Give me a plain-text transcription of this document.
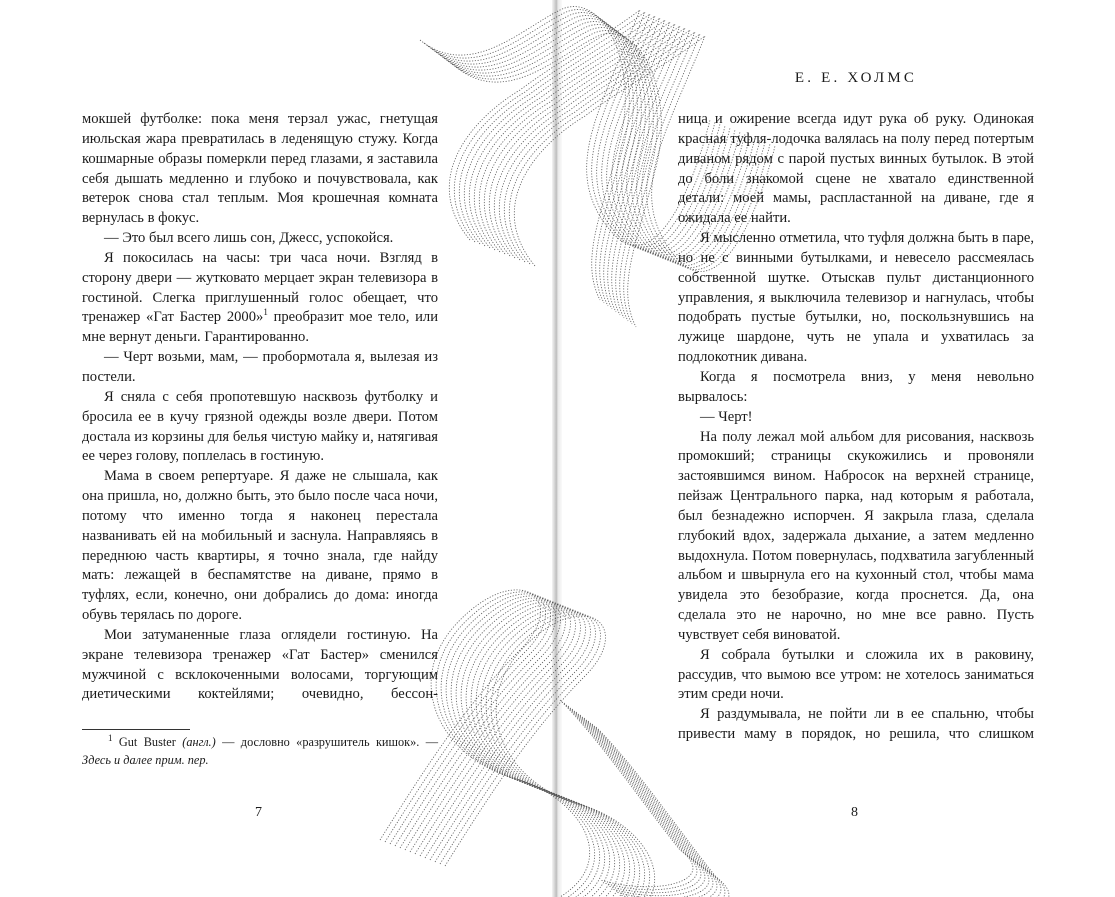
Е. Е. ХОЛМС

мокшей футболке: пока меня терзал ужас, гнетущая июльская жара превратилась в леденящую стужу. Когда кошмарные образы померкли перед глазами, я заставила себя дышать медленно и глубоко и почувствовала, как ветерок снова стал теплым. Моя крошечная комната вернулась в фокус.

— Это был всего лишь сон, Джесс, успокойся.

Я покосилась на часы: три часа ночи. Взгляд в сторону двери — жутковато мерцает экран телевизора в гостиной. Слегка приглушенный голос обещает, что тренажер «Гат Бастер 2000»$^1$ преобразит мое тело, или мне вернут деньги. Гарантированно.

— Черт возьми, мам, — пробормотала я, вылезая из постели.

Я сняла с себя пропотевшую насквозь футболку и бросила ее в кучу грязной одежды возле двери. Потом достала из корзины для белья чистую майку и, натягивая ее через голову, поплелась в гостиную.

Мама в своем репертуаре. Я даже не слышала, как она пришла, но, должно быть, это было после часа ночи, потому что именно тогда я наконец перестала названивать ей на мобильный и заснула. Направляясь в переднюю часть квартиры, я точно знала, где найду мать: лежащей в беспамятстве на диване, прямо в туфлях, если, конечно, они добрались до дома: иногда обувь терялась по дороге.

Мои затуманенные глаза оглядели гостиную. На экране телевизора тренажер «Гат Бастер» сменился мужчиной с всклокоченными волосами, торгующим диетическими коктейлями; очевидно, бессон-

$^1$ Gut Buster (англ.) — дословно «разрушитель кишок». — Здесь и далее прим. пер.

7

ница и ожирение всегда идут рука об руку. Одинокая красная туфля-лодочка валялась на полу перед потертым диваном рядом с парой пустых винных бутылок. В этой до боли знакомой сцене не хватало единственной детали: моей мамы, распластанной на диване, где я ожидала ее найти.

Я мысленно отметила, что туфля должна быть в паре, но не с винными бутылками, и невесело рассмеялась собственной шутке. Отыскав пульт дистанционного управления, я выключила телевизор и нагнулась, чтобы подобрать пустые бутылки, но, поскользнувшись на лужице шардоне, чуть не упала и ухватилась за подлокотник дивана.

Когда я посмотрела вниз, у меня невольно вырвалось:

— Черт!

На полу лежал мой альбом для рисования, насквозь промокший; страницы скукожились и провоняли застоявшимся вином. Набросок на верхней странице, пейзаж Центрального парка, над которым я работала, был безнадежно испорчен. Я закрыла глаза, сделала глубокий вдох, задержала дыхание, а затем медленно выдохнула. Потом повернулась, подхватила загубленный альбом и швырнула его на кухонный стол, чтобы мама увидела это безобразие, когда проснется. Да, она сделала это не нарочно, но мне все равно. Пусть чувствует себя виноватой.

Я собрала бутылки и сложила их в раковину, рассудив, что вымою все утром: не хотелось заниматься этим среди ночи.

Я раздумывала, не пойти ли в ее спальню, чтобы привести маму в порядок, но решила, что слишком

8
